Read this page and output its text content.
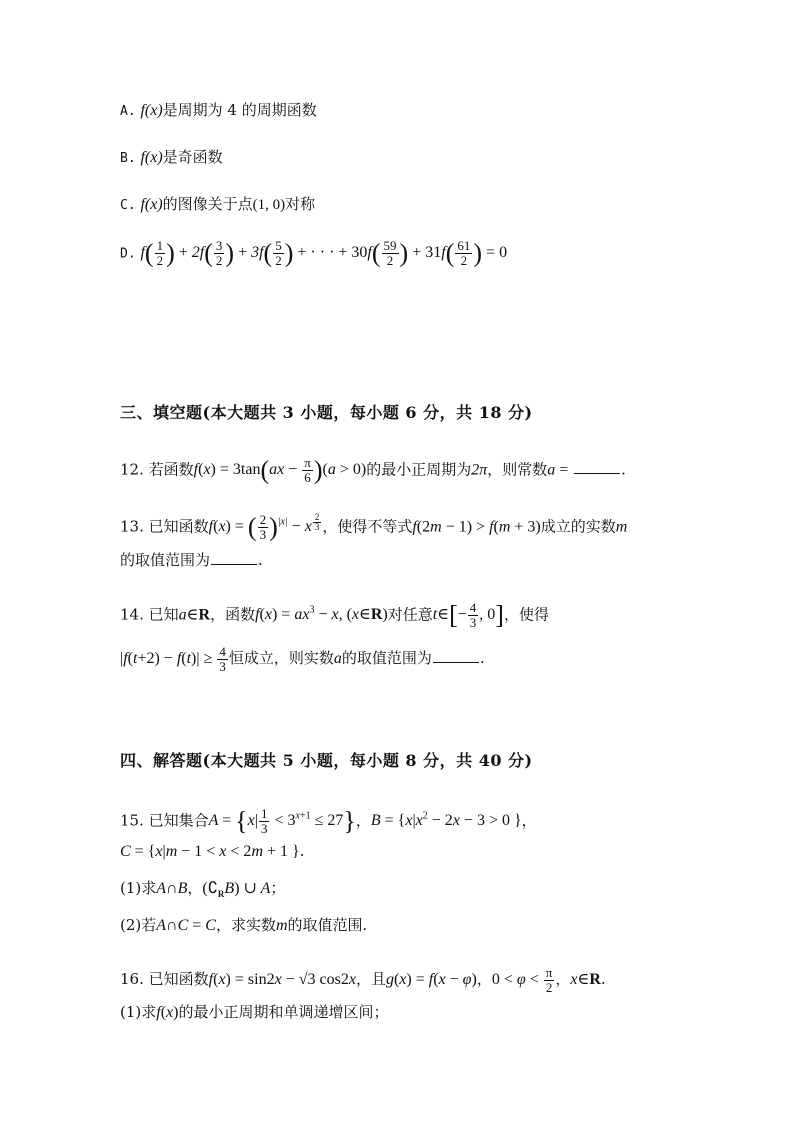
A. f(x)是周期为 4 的周期函数
B. f(x)是奇函数
C. f(x)的图像关于点(1, 0)对称
D. $f( \frac{1}{2}$ ) + $2f( \frac{3}{2}$ ) + $3f( \frac{5}{2}$ ) + · · · + $30f( \frac{59}{2}$ ) + $31f( \frac{61}{2}$ ) = 0
三、填空题(本大题共 3 小题，每小题 6 分，共 18 分)
12. 若函数$f(x) = 3\tan(ax - \frac{\pi}{6} )(a > 0)$的最小正周期为2π，则常数a =	.
13. 已知函数f(x) = ( $\frac{2}{3} )^{|x|} - x$ $^{\frac{2}{3}}$ ，使得不等式f(2m − 1) > f(m + 3)成立的实数m
的取值范围为	.
14. 已知a∈R，函数$f(x) = ax^3 - x$, (x∈R)对任意t∈[− $\frac{4}{3}$ , 0]，使得
$|f(t+2) - f(t)| \ge \frac{4}{3}$ 恒成立，则实数a的取值范围为	.
四、解答题(本大题共 5 小题，每小题 8 分，共 40 分)
15. 已知集合$A = \{x| \frac{1}{3} < 3^{x+1} \le 27\}$，$B = \{x|x^2 - 2x - 3 > 0$ }，
C = {x|m − 1 < x < 2m + 1 }.
(1)求A∩B，$(∁_RB)$ ∪ A；
(2)若A∩C = C，求实数m的取值范围.
16. 已知函数f(x) = sin2x − √3 cos2x，且g(x) = f(x − φ)，$0 < \varphi < \frac{\pi}{2}$ ，x∈R.
(1)求f(x)的最小正周期和单调递增区间；
